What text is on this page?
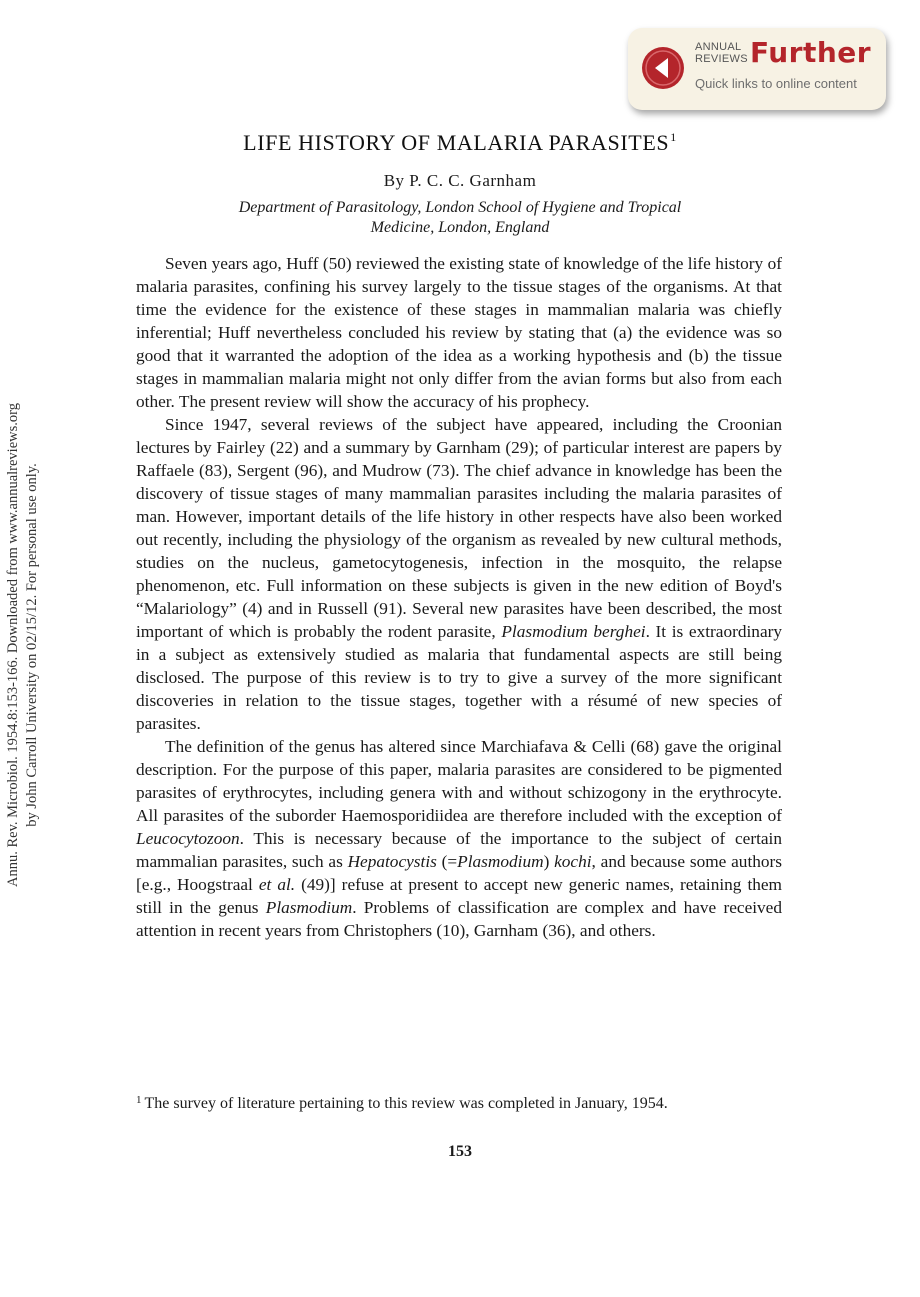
Annu. Rev. Microbiol. 1954.8:153-166. Downloaded from www.annualreviews.org by John Carroll University on 02/15/12. For personal use only.
ANNUAL
REVIEWS Further
Quick links to online content
LIFE HISTORY OF MALARIA PARASITES$^1$
By P. C. C. Garnham
Department of Parasitology, London School of Hygiene and Tropical
Medicine, London, England

Seven years ago, Huff (50) reviewed the existing state of knowledge of the life history of malaria parasites, confining his survey largely to the tissue stages of the organisms. At that time the evidence for the existence of these stages in mammalian malaria was chiefly inferential; Huff nevertheless concluded his review by stating that (a) the evidence was so good that it warranted the adoption of the idea as a working hypothesis and (b) the tissue stages in mammalian malaria might not only differ from the avian forms but also from each other. The present review will show the accuracy of his prophecy.

Since 1947, several reviews of the subject have appeared, including the Croonian lectures by Fairley (22) and a summary by Garnham (29); of particular interest are papers by Raffaele (83), Sergent (96), and Mudrow (73). The chief advance in knowledge has been the discovery of tissue stages of many mammalian parasites including the malaria parasites of man. However, important details of the life history in other respects have also been worked out recently, including the physiology of the organism as revealed by new cultural methods, studies on the nucleus, gametocytogenesis, infection in the mosquito, the relapse phenomenon, etc. Full information on these subjects is given in the new edition of Boyd's “Malariology” (4) and in Russell (91). Several new parasites have been described, the most important of which is probably the rodent parasite, Plasmodium berghei. It is extraordinary in a subject as extensively studied as malaria that fundamental aspects are still being disclosed. The purpose of this review is to try to give a survey of the more significant discoveries in relation to the tissue stages, together with a résumé of new species of parasites.

The definition of the genus has altered since Marchiafava & Celli (68) gave the original description. For the purpose of this paper, malaria parasites are considered to be pigmented parasites of erythrocytes, including genera with and without schizogony in the erythrocyte. All parasites of the suborder Haemosporidiidea are therefore included with the exception of Leucocytozoon. This is necessary because of the importance to the subject of certain mammalian parasites, such as Hepatocystis (=Plasmodium) kochi, and because some authors [e.g., Hoogstraal et al. (49)] refuse at present to accept new generic names, retaining them still in the genus Plasmodium. Problems of classification are complex and have received attention in recent years from Christophers (10), Garnham (36), and others.

$^1$ The survey of literature pertaining to this review was completed in January, 1954.
153
